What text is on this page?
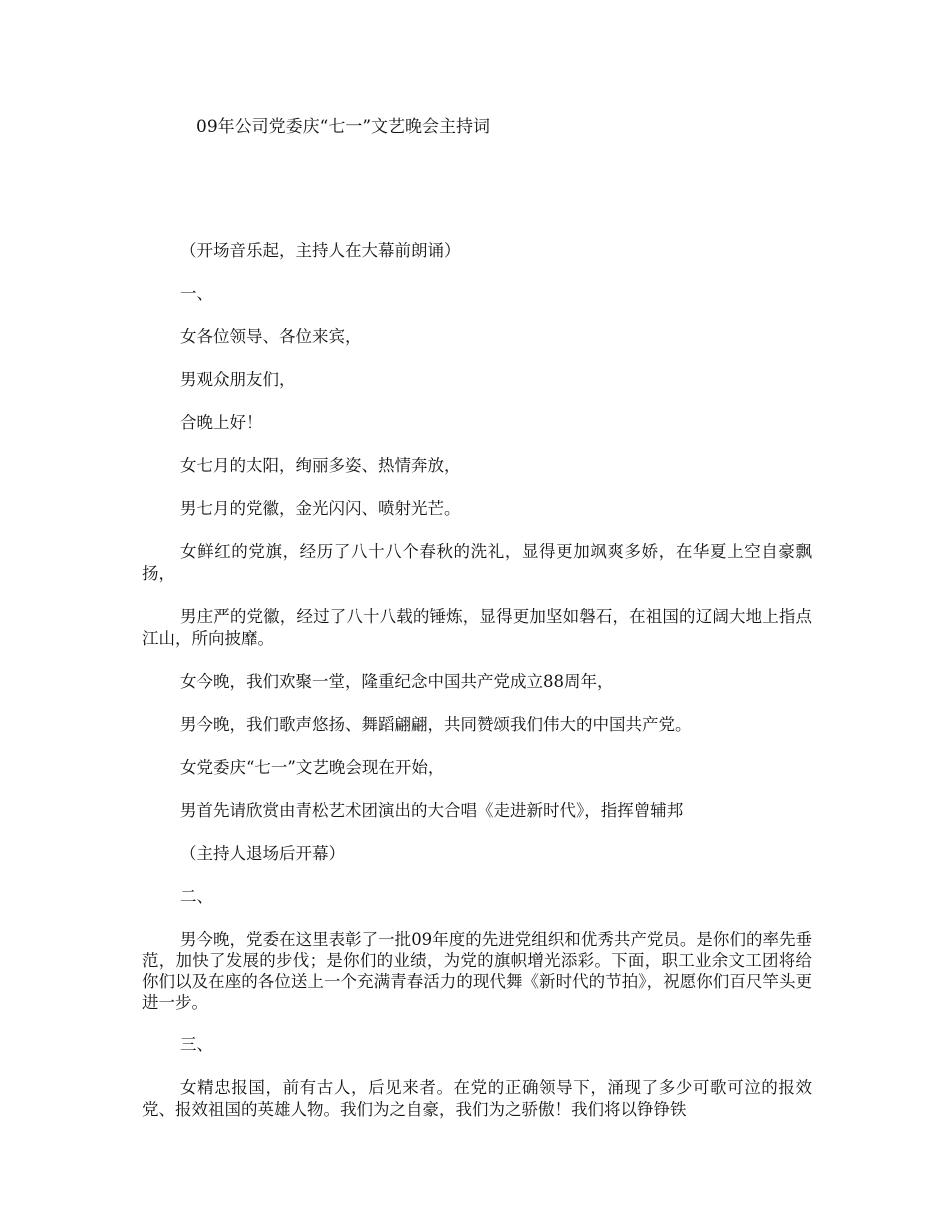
09年公司党委庆“七一”文艺晚会主持词

（开场音乐起，主持人在大幕前朗诵）

一、

女各位领导、各位来宾，

男观众朋友们，

合晚上好！

女七月的太阳，绚丽多姿、热情奔放，

男七月的党徽，金光闪闪、喷射光芒。

女鲜红的党旗，经历了八十八个春秋的洗礼，显得更加飒爽多娇，在华夏上空自豪飘扬，

男庄严的党徽，经过了八十八载的锤炼，显得更加坚如磐石，在祖国的辽阔大地上指点江山，所向披靡。

女今晚，我们欢聚一堂，隆重纪念中国共产党成立88周年，

男今晚，我们歌声悠扬、舞蹈翩翩，共同赞颂我们伟大的中国共产党。

女党委庆“七一”文艺晚会现在开始，

男首先请欣赏由青松艺术团演出的大合唱《走进新时代》，指挥曾辅邦

（主持人退场后开幕）

二、

男今晚，党委在这里表彰了一批09年度的先进党组织和优秀共产党员。是你们的率先垂范，加快了发展的步伐；是你们的业绩，为党的旗帜增光添彩。下面，职工业余文工团将给你们以及在座的各位送上一个充满青春活力的现代舞《新时代的节拍》，祝愿你们百尺竿头更进一步。

三、

女精忠报国，前有古人，后见来者。在党的正确领导下，涌现了多少可歌可泣的报效党、报效祖国的英雄人物。我们为之自豪，我们为之骄傲！我们将以铮铮铁
